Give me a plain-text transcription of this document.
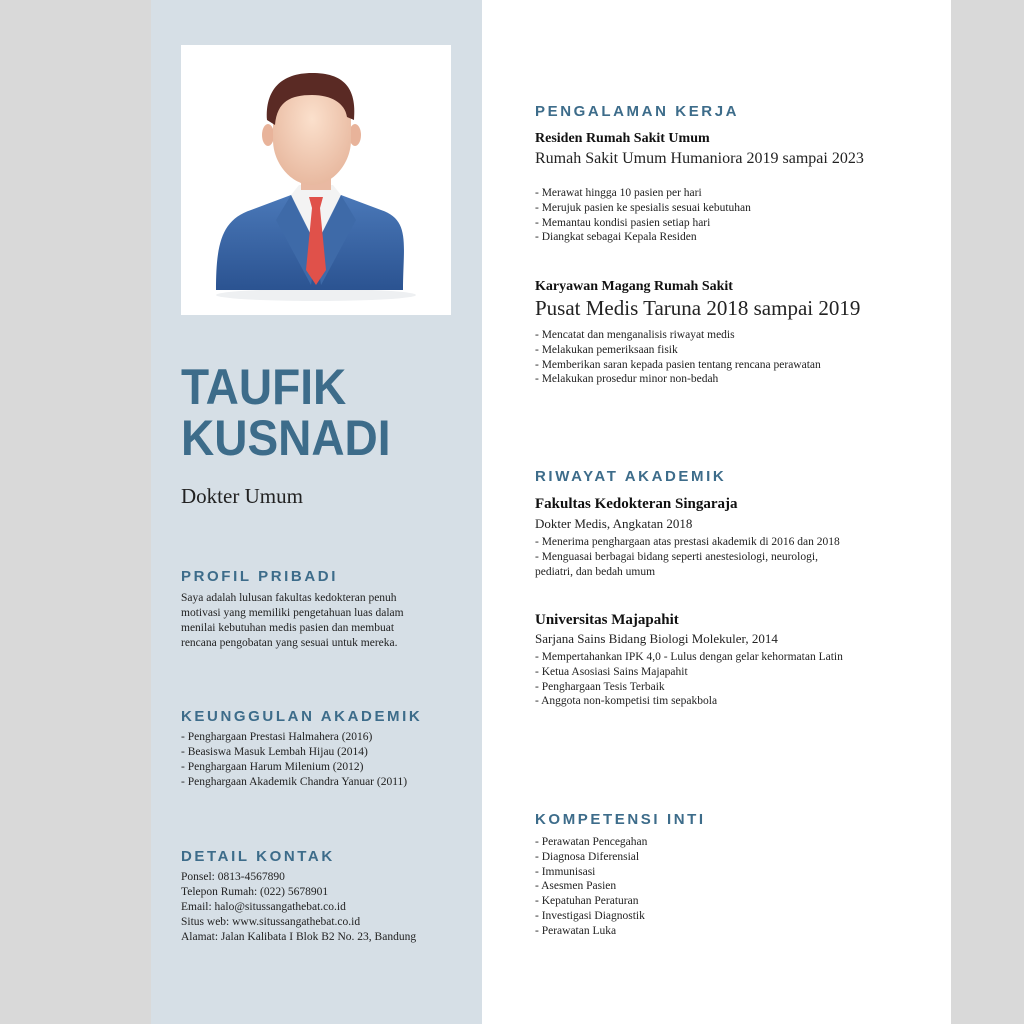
TAUFIK
KUSNADI
Dokter Umum
PROFIL PRIBADI
Saya adalah lulusan fakultas kedokteran penuh
motivasi yang memiliki pengetahuan luas dalam
menilai kebutuhan medis pasien dan membuat
rencana pengobatan yang sesuai untuk mereka.
KEUNGGULAN AKADEMIK
- Penghargaan Prestasi Halmahera (2016)
- Beasiswa Masuk Lembah Hijau (2014)
- Penghargaan Harum Milenium (2012)
- Penghargaan Akademik Chandra Yanuar (2011)
DETAIL KONTAK
Ponsel: 0813-4567890
Telepon Rumah: (022) 5678901
Email: halo@situssangathebat.co.id
Situs web: www.situssangathebat.co.id
Alamat: Jalan Kalibata I Blok B2 No. 23, Bandung
PENGALAMAN KERJA
Residen Rumah Sakit Umum
Rumah Sakit Umum Humaniora 2019 sampai 2023
- Merawat hingga 10 pasien per hari
- Merujuk pasien ke spesialis sesuai kebutuhan
- Memantau kondisi pasien setiap hari
- Diangkat sebagai Kepala Residen
Karyawan Magang Rumah Sakit
Pusat Medis Taruna 2018 sampai 2019
- Mencatat dan menganalisis riwayat medis
- Melakukan pemeriksaan fisik
- Memberikan saran kepada pasien tentang rencana perawatan
- Melakukan prosedur minor non-bedah
RIWAYAT AKADEMIK
Fakultas Kedokteran Singaraja
Dokter Medis, Angkatan 2018
- Menerima penghargaan atas prestasi akademik di 2016 dan 2018
- Menguasai berbagai bidang seperti anestesiologi, neurologi,
pediatri, dan bedah umum
Universitas Majapahit
Sarjana Sains Bidang Biologi Molekuler, 2014
- Mempertahankan IPK 4,0 - Lulus dengan gelar kehormatan Latin
- Ketua Asosiasi Sains Majapahit
- Penghargaan Tesis Terbaik
- Anggota non-kompetisi tim sepakbola
KOMPETENSI INTI
- Perawatan Pencegahan
- Diagnosa Diferensial
- Immunisasi
- Asesmen Pasien
- Kepatuhan Peraturan
- Investigasi Diagnostik
- Perawatan Luka
